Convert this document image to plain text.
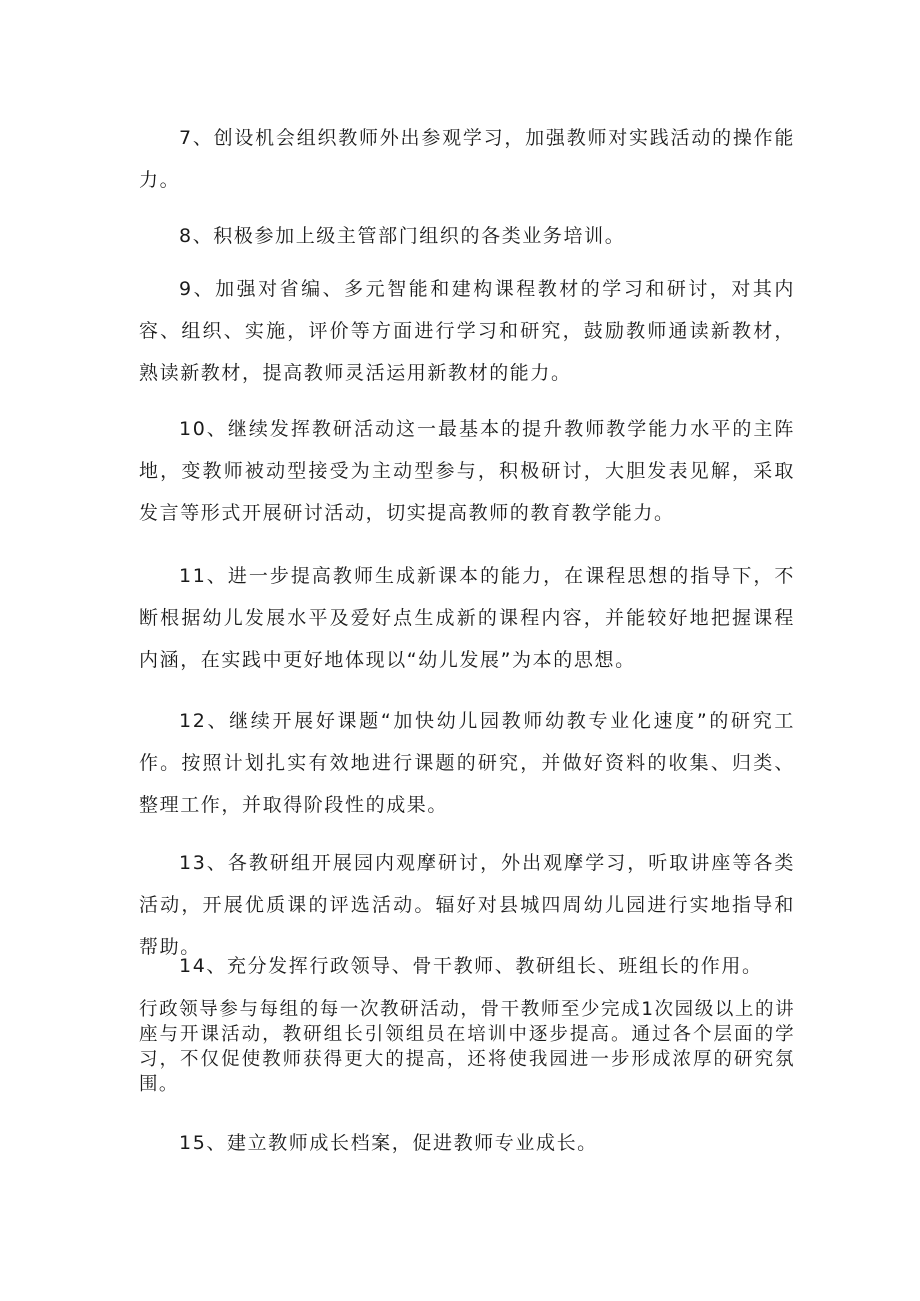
7、创设机会组织教师外出参观学习，加强教师对实践活动的操作能力。

8、积极参加上级主管部门组织的各类业务培训。

9、加强对省编、多元智能和建构课程教材的学习和研讨，对其内容、组织、实施，评价等方面进行学习和研究，鼓励教师通读新教材，熟读新教材，提高教师灵活运用新教材的能力。

10、继续发挥教研活动这一最基本的提升教师教学能力水平的主阵地，变教师被动型接受为主动型参与，积极研讨，大胆发表见解，采取发言等形式开展研讨活动，切实提高教师的教育教学能力。

11、进一步提高教师生成新课本的能力，在课程思想的指导下，不断根据幼儿发展水平及爱好点生成新的课程内容，并能较好地把握课程内涵，在实践中更好地体现以“幼儿发展”为本的思想。

12、继续开展好课题“加快幼儿园教师幼教专业化速度”的研究工作。按照计划扎实有效地进行课题的研究，并做好资料的收集、归类、整理工作，并取得阶段性的成果。

13、各教研组开展园内观摩研讨，外出观摩学习，听取讲座等各类活动，开展优质课的评选活动。辐好对县城四周幼儿园进行实地指导和帮助。

14、充分发挥行政领导、骨干教师、教研组长、班组长的作用。

行政领导参与每组的每一次教研活动，骨干教师至少完成1次园级以上的讲座与开课活动，教研组长引领组员在培训中逐步提高。通过各个层面的学习，不仅促使教师获得更大的提高，还将使我园进一步形成浓厚的研究氛围。

15、建立教师成长档案，促进教师专业成长。
